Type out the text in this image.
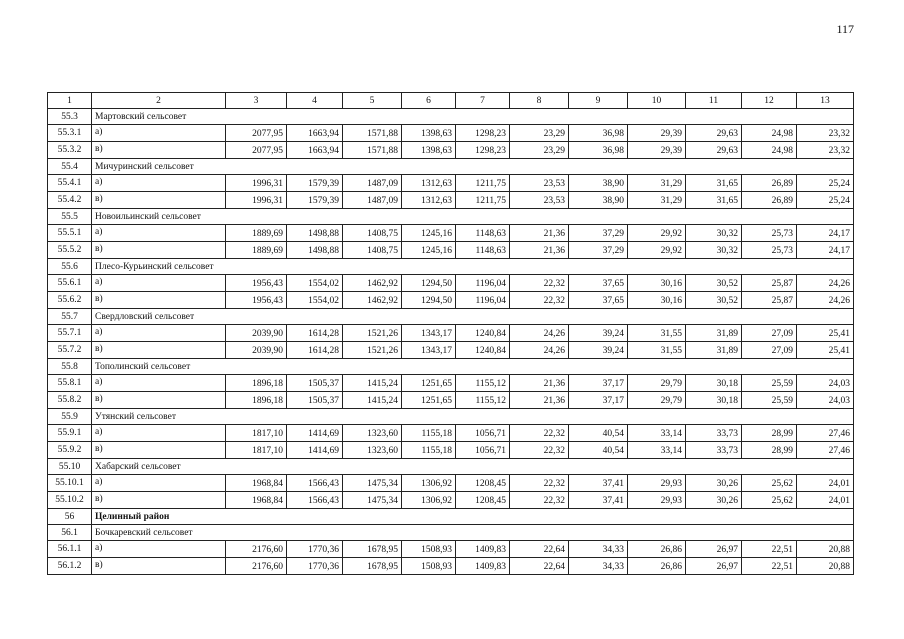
117
1	2	3	4	5	6	7	8	9	10	11	12	13
55.3	Мартовский сельсовет											
55.3.1	а)	2077,95	1663,94	1571,88	1398,63	1298,23	23,29	36,98	29,39	29,63	24,98	23,32
55.3.2	в)	2077,95	1663,94	1571,88	1398,63	1298,23	23,29	36,98	29,39	29,63	24,98	23,32
55.4	Мичуринский сельсовет											
55.4.1	а)	1996,31	1579,39	1487,09	1312,63	1211,75	23,53	38,90	31,29	31,65	26,89	25,24
55.4.2	в)	1996,31	1579,39	1487,09	1312,63	1211,75	23,53	38,90	31,29	31,65	26,89	25,24
55.5	Новоильинский сельсовет											
55.5.1	а)	1889,69	1498,88	1408,75	1245,16	1148,63	21,36	37,29	29,92	30,32	25,73	24,17
55.5.2	в)	1889,69	1498,88	1408,75	1245,16	1148,63	21,36	37,29	29,92	30,32	25,73	24,17
55.6	Плесо-Курьинский сельсовет											
55.6.1	а)	1956,43	1554,02	1462,92	1294,50	1196,04	22,32	37,65	30,16	30,52	25,87	24,26
55.6.2	в)	1956,43	1554,02	1462,92	1294,50	1196,04	22,32	37,65	30,16	30,52	25,87	24,26
55.7	Свердловский сельсовет											
55.7.1	а)	2039,90	1614,28	1521,26	1343,17	1240,84	24,26	39,24	31,55	31,89	27,09	25,41
55.7.2	в)	2039,90	1614,28	1521,26	1343,17	1240,84	24,26	39,24	31,55	31,89	27,09	25,41
55.8	Тополинский сельсовет											
55.8.1	а)	1896,18	1505,37	1415,24	1251,65	1155,12	21,36	37,17	29,79	30,18	25,59	24,03
55.8.2	в)	1896,18	1505,37	1415,24	1251,65	1155,12	21,36	37,17	29,79	30,18	25,59	24,03
55.9	Утянский сельсовет											
55.9.1	а)	1817,10	1414,69	1323,60	1155,18	1056,71	22,32	40,54	33,14	33,73	28,99	27,46
55.9.2	в)	1817,10	1414,69	1323,60	1155,18	1056,71	22,32	40,54	33,14	33,73	28,99	27,46
55.10	Хабарский сельсовет											
55.10.1	а)	1968,84	1566,43	1475,34	1306,92	1208,45	22,32	37,41	29,93	30,26	25,62	24,01
55.10.2	в)	1968,84	1566,43	1475,34	1306,92	1208,45	22,32	37,41	29,93	30,26	25,62	24,01
56	Целинный район											
56.1	Бочкаревский сельсовет											
56.1.1	а)	2176,60	1770,36	1678,95	1508,93	1409,83	22,64	34,33	26,86	26,97	22,51	20,88
56.1.2	в)	2176,60	1770,36	1678,95	1508,93	1409,83	22,64	34,33	26,86	26,97	22,51	20,88
